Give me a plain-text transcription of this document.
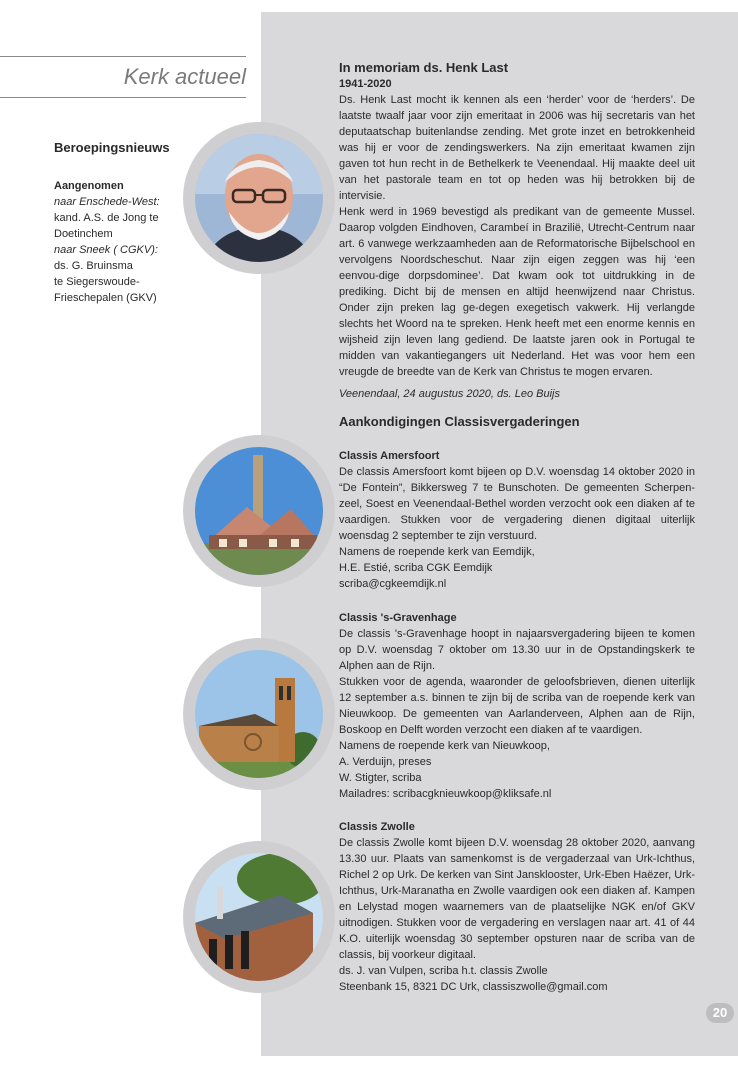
Kerk actueel
Beroepingsnieuws
Aangenomen
naar Enschede-West:
kand. A.S. de Jong te
Doetinchem
naar Sneek ( CGKV):
ds. G. Bruinsma
te Siegerswoude-
Frieschepalen (GKV)

In memoriam ds. Henk Last

1941-2020

Ds. Henk Last mocht ik kennen als een ‘herder’ voor de ‘herders’. De laatste twaalf jaar voor zijn emeritaat in 2006 was hij secretaris van het deputaatschap buitenlandse zending. Met grote inzet en betrokkenheid was hij er voor de zendingswerkers. Na zijn emeritaat kwamen zijn gaven tot hun recht in de Bethelkerk te Veenendaal. Hij maakte deel uit van het pastorale team en tot op heden was hij betrokken bij de intervisie.

Henk werd in 1969 bevestigd als predikant van de gemeente Mussel. Daarop volgden Eindhoven, Carambeí in Brazilië, Utrecht-Centrum naar art. 6 vanwege werkzaamheden aan de Reformatorische Bijbelschool en vervolgens Noordscheschut. Naar zijn eigen zeggen was hij ‘een eenvou-dige dorpsdominee’. Dat kwam ook tot uitdrukking in de prediking. Dicht bij de mensen en altijd heenwijzend naar Christus. Onder zijn preken lag ge-degen exegetisch vakwerk. Hij verlangde slechts het Woord na te spreken. Henk heeft met een enorme kennis en wijsheid zijn leven lang gediend. De laatste jaren ook in Portugal te midden van vakantiegangers uit Nederland. Het was voor hem een vreugde de breedte van de Kerk van Christus te mogen ervaren.

Veenendaal, 24 augustus 2020, ds. Leo Buijs

Aankondigingen Classisvergaderingen

Classis Amersfoort

De classis Amersfoort komt bijeen op D.V. woensdag 14 oktober 2020 in “De Fontein”, Bikkersweg 7 te Bunschoten. De gemeenten Scherpen-zeel, Soest en Veenendaal-Bethel worden verzocht ook een diaken af te vaardigen. Stukken voor de vergadering dienen digitaal uiterlijk woensdag 2 september te zijn verstuurd.

Namens de roepende kerk van Eemdijk,

H.E. Estié, scriba CGK Eemdijk

scriba@cgkeemdijk.nl

Classis 's-Gravenhage

De classis 's-Gravenhage hoopt in najaarsvergadering bijeen te komen op D.V. woensdag 7 oktober om 13.30 uur in de Opstandingskerk te Alphen aan de Rijn.

Stukken voor de agenda, waaronder de geloofsbrieven, dienen uiterlijk 12 september a.s. binnen te zijn bij de scriba van de roepende kerk van Nieuwkoop. De gemeenten van Aarlanderveen, Alphen aan de Rijn, Boskoop en Delft worden verzocht een diaken af te vaardigen.

Namens de roepende kerk van Nieuwkoop,

A. Verduijn, preses

W. Stigter, scriba

Mailadres: scribacgknieuwkoop@kliksafe.nl

Classis Zwolle

De classis Zwolle komt bijeen D.V. woensdag 28 oktober 2020, aanvang 13.30 uur. Plaats van samenkomst is de vergaderzaal van Urk-Ichthus, Richel 2 op Urk. De kerken van Sint Jansklooster, Urk-Eben Haëzer, Urk-Ichthus, Urk-Maranatha en Zwolle vaardigen ook een diaken af. Kampen en Lelystad mogen waarnemers van de plaatselijke NGK en/of GKV uitnodigen. Stukken voor de vergadering en verslagen naar art. 41 of 44 K.O. uiterlijk woensdag 30 september opsturen naar de scriba van de classis, bij voorkeur digitaal.

ds. J. van Vulpen, scriba h.t. classis Zwolle

Steenbank 15, 8321 DC Urk, classiszwolle@gmail.com

20
